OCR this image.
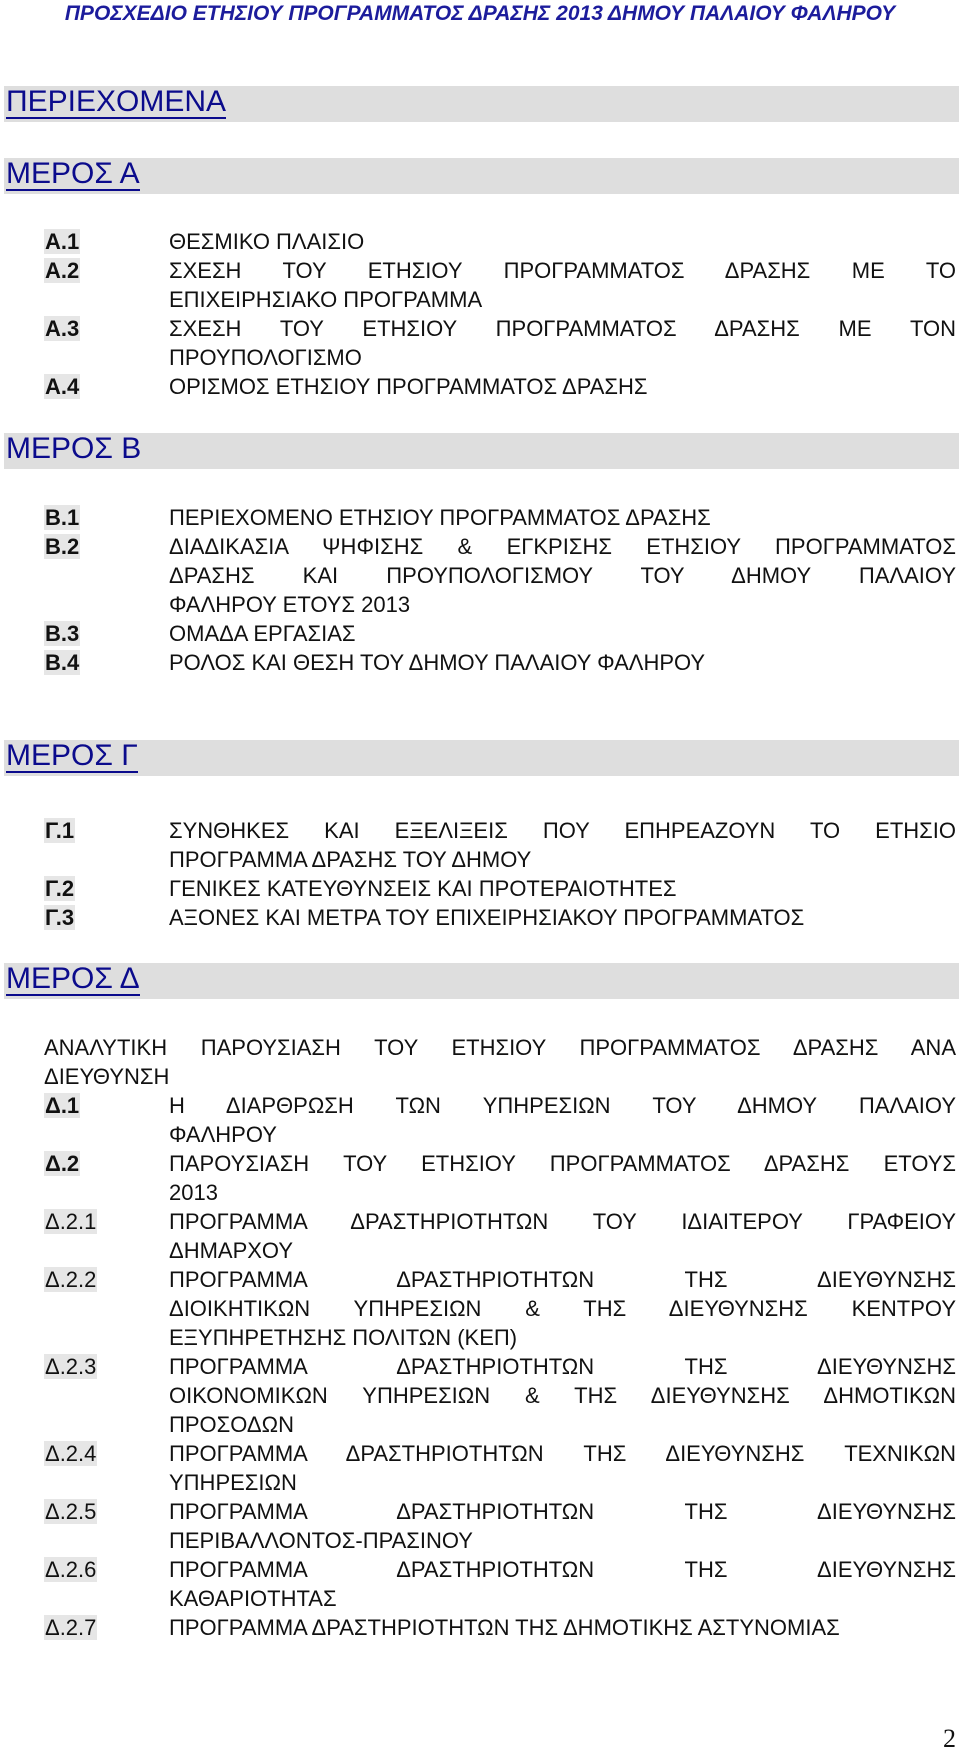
ΠΡΟΣΧΕΔΙΟ ΕΤΗΣΙΟΥ ΠΡΟΓΡΑΜΜΑΤΟΣ ΔΡΑΣΗΣ 2013 ΔΗΜΟΥ ΠΑΛΑΙΟΥ ΦΑΛΗΡΟΥ
ΠΕΡΙΕΧΟΜΕΝΑ
ΜΕΡΟΣ Α
Α.1	ΘΕΣΜΙΚΟ ΠΛΑΙΣΙΟ
Α.2	ΣΧΕΣΗ ΤΟΥ ΕΤΗΣΙΟΥ ΠΡΟΓΡΑΜΜΑΤΟΣ ΔΡΑΣΗΣ ΜΕ ΤΟ
ΕΠΙΧΕΙΡΗΣΙΑΚΟ ΠΡΟΓΡΑΜΜΑ
Α.3	ΣΧΕΣΗ ΤΟΥ ΕΤΗΣΙΟΥ ΠΡΟΓΡΑΜΜΑΤΟΣ ΔΡΑΣΗΣ ΜΕ ΤΟΝ
ΠΡΟΥΠΟΛΟΓΙΣΜΟ
Α.4	ΟΡΙΣΜΟΣ ΕΤΗΣΙΟΥ ΠΡΟΓΡΑΜΜΑΤΟΣ ΔΡΑΣΗΣ
ΜΕΡΟΣ Β
Β.1	ΠΕΡΙΕΧΟΜΕΝΟ ΕΤΗΣΙΟΥ ΠΡΟΓΡΑΜΜΑΤΟΣ ΔΡΑΣΗΣ
Β.2	ΔΙΑΔΙΚΑΣΙΑ ΨΗΦΙΣΗΣ & ΕΓΚΡΙΣΗΣ ΕΤΗΣΙΟΥ ΠΡΟΓΡΑΜΜΑΤΟΣ
ΔΡΑΣΗΣ ΚΑΙ ΠΡΟΥΠΟΛΟΓΙΣΜΟΥ ΤΟΥ ΔΗΜΟΥ ΠΑΛΑΙΟΥ
ΦΑΛΗΡΟΥ ΕΤΟΥΣ 2013
Β.3	ΟΜΑΔΑ ΕΡΓΑΣΙΑΣ
Β.4	ΡΟΛΟΣ ΚΑΙ ΘΕΣΗ ΤΟΥ ΔΗΜΟΥ ΠΑΛΑΙΟΥ ΦΑΛΗΡΟΥ
ΜΕΡΟΣ Γ
Γ.1	ΣΥΝΘΗΚΕΣ ΚΑΙ ΕΞΕΛΙΞΕΙΣ ΠΟΥ ΕΠΗΡΕΑΖΟΥΝ ΤΟ ΕΤΗΣΙΟ
ΠΡΟΓΡΑΜΜΑ ΔΡΑΣΗΣ ΤΟΥ ΔΗΜΟΥ
Γ.2	ΓΕΝΙΚΕΣ ΚΑΤΕΥΘΥΝΣΕΙΣ ΚΑΙ ΠΡΟΤΕΡΑΙΟΤΗΤΕΣ
Γ.3	ΑΞΟΝΕΣ ΚΑΙ ΜΕΤΡΑ ΤΟΥ ΕΠΙΧΕΙΡΗΣΙΑΚΟΥ ΠΡΟΓΡΑΜΜΑΤΟΣ
ΜΕΡΟΣ Δ
ΑΝΑΛΥΤΙΚΗ ΠΑΡΟΥΣΙΑΣΗ ΤΟΥ ΕΤΗΣΙΟΥ ΠΡΟΓΡΑΜΜΑΤΟΣ ΔΡΑΣΗΣ ΑΝΑ
ΔΙΕΥΘΥΝΣΗ
Δ.1	Η ΔΙΑΡΘΡΩΣΗ ΤΩΝ ΥΠΗΡΕΣΙΩΝ ΤΟΥ ΔΗΜΟΥ ΠΑΛΑΙΟΥ
ΦΑΛΗΡΟΥ
Δ.2	ΠΑΡΟΥΣΙΑΣΗ ΤΟΥ ΕΤΗΣΙΟΥ ΠΡΟΓΡΑΜΜΑΤΟΣ ΔΡΑΣΗΣ ΕΤΟΥΣ
2013
Δ.2.1	ΠΡΟΓΡΑΜΜΑ ΔΡΑΣΤΗΡΙΟΤΗΤΩΝ ΤΟΥ ΙΔΙΑΙΤΕΡΟΥ ΓΡΑΦΕΙΟΥ
ΔΗΜΑΡΧΟΥ
Δ.2.2	ΠΡΟΓΡΑΜΜΑ ΔΡΑΣΤΗΡΙΟΤΗΤΩΝ ΤΗΣ ΔΙΕΥΘΥΝΣΗΣ
ΔΙΟΙΚΗΤΙΚΩΝ ΥΠΗΡΕΣΙΩΝ & ΤΗΣ ΔΙΕΥΘΥΝΣΗΣ ΚΕΝΤΡΟΥ
ΕΞΥΠΗΡΕΤΗΣΗΣ ΠΟΛΙΤΩΝ (ΚΕΠ)
Δ.2.3	ΠΡΟΓΡΑΜΜΑ ΔΡΑΣΤΗΡΙΟΤΗΤΩΝ ΤΗΣ ΔΙΕΥΘΥΝΣΗΣ
ΟΙΚΟΝΟΜΙΚΩΝ ΥΠΗΡΕΣΙΩΝ & ΤΗΣ ΔΙΕΥΘΥΝΣΗΣ ΔΗΜΟΤΙΚΩΝ
ΠΡΟΣΟΔΩΝ
Δ.2.4	ΠΡΟΓΡΑΜΜΑ ΔΡΑΣΤΗΡΙΟΤΗΤΩΝ ΤΗΣ ΔΙΕΥΘΥΝΣΗΣ ΤΕΧΝΙΚΩΝ
ΥΠΗΡΕΣΙΩΝ
Δ.2.5	ΠΡΟΓΡΑΜΜΑ ΔΡΑΣΤΗΡΙΟΤΗΤΩΝ ΤΗΣ ΔΙΕΥΘΥΝΣΗΣ
ΠΕΡΙΒΑΛΛΟΝΤΟΣ-ΠΡΑΣΙΝΟΥ
Δ.2.6	ΠΡΟΓΡΑΜΜΑ ΔΡΑΣΤΗΡΙΟΤΗΤΩΝ ΤΗΣ ΔΙΕΥΘΥΝΣΗΣ
ΚΑΘΑΡΙΟΤΗΤΑΣ
Δ.2.7	ΠΡΟΓΡΑΜΜΑ ΔΡΑΣΤΗΡΙΟΤΗΤΩΝ ΤΗΣ ΔΗΜΟΤΙΚΗΣ ΑΣΤΥΝΟΜΙΑΣ
2
